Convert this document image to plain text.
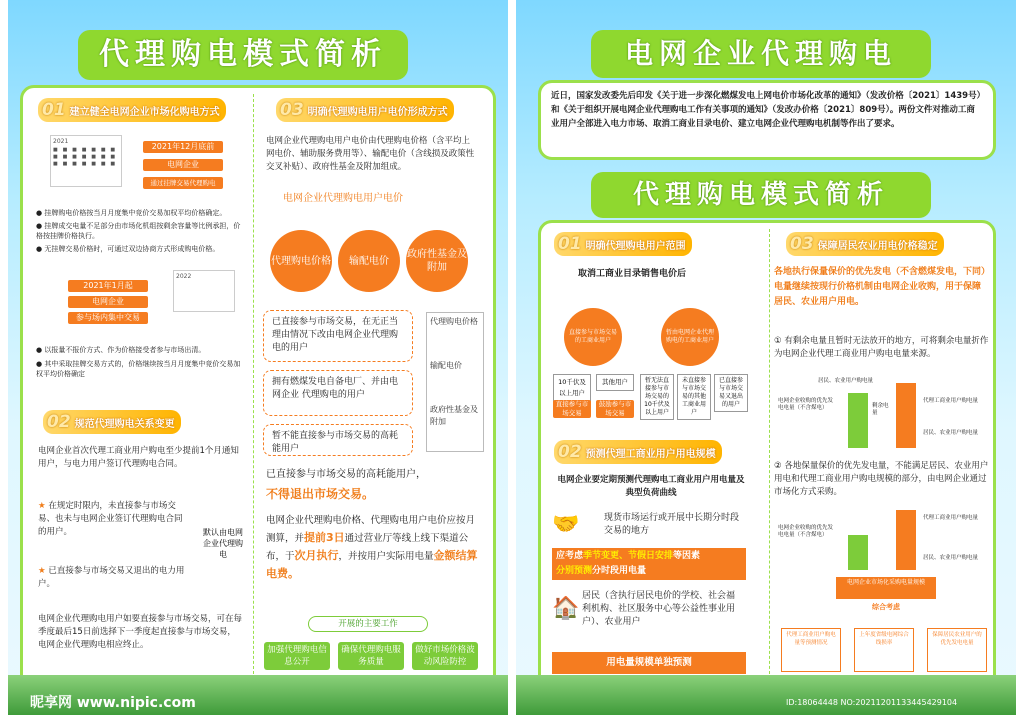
代理购电模式简析
01 建立健全电网企业市场化购电方式
2021
■ ■ ■ ■ ■ ■ ■
■ ■ ■ ■ ■ ■ ■
■ ■ ■ ■ ■ ■ ■
2021年12月底前
电网企业
通过挂牌交易代理购电
● 挂牌购电价格按当月月度集中竞价交易加权平均价格确定。
● 挂牌成交电量不足部分由市场化机组按剩余容量等比例承担，价格按挂牌价格执行。
● 无挂牌交易价格时，可通过双边协商方式形成购电价格。
2022
2021年1月起
电网企业
参与场内集中交易
● 以报量不报价方式、作为价格接受者参与市场出清。
● 其中采取挂牌交易方式的，价格继续按当月月度集中竞价交易加权平均价格确定
02 规范代理购电关系变更
电网企业首次代理工商业用户购电至少提前1个月通知用户，与电力用户签订代理购电合同。
★ 在规定时限内，未直接参与市场交易、也未与电网企业签订代理购电合同的用户。
★ 已直接参与市场交易又退出的电力用户。
默认由电网企业代理购电
电网企业代理购电用户如要直接参与市场交易，可在每季度最后15日前选择下一季度起直接参与市场交易，电网企业代理购电相应终止。
03 明确代理购电用户电价形成方式
电网企业代理购电用户电价由代理购电价格（含平均上网电价、辅助服务费用等）、输配电价（含线损及政策性交叉补贴）、政府性基金及附加组成。
电网企业代理购电用户电价
代理购电价格	输配电价
政府性基金及附加
已直接参与市场交易，在无正当理由情况下改由电网企业代理购电的用户
拥有燃煤发电自备电厂、并由电网企业 代理购电的用户
暂不能直接参与市场交易的高耗能用户
代理购电价格
输配电价
政府性基金及附加
已直接参与市场交易的高耗能用户，
不得退出市场交易。
电网企业代理购电价格、代理购电用户电价应按月测算，并提前3日通过营业厅等线上线下渠道公布，于次月执行，并按用户实际用电量金额结算电费。
开展的主要工作
加强代理购电信息公开
确保代理购电服务质量
做好市场价格波动风险防控
昵享网 www.nipic.com
电网企业代理购电
近日，国家发改委先后印发《关于进一步深化燃煤发电上网电价市场化改革的通知》（发改价格〔2021〕1439号）和《关于组织开展电网企业代理购电工作有关事项的通知》（发改办价格〔2021〕809号）。两份文件对推动工商业用户全部进入电力市场、取消工商业目录电价、建立电网企业代理购电机制等作出了要求。
代理购电模式简析
01 明确代理购电用户范围
取消工商业目录销售电价后
直接参与市场交易的工商业用户
暂由电网企业代理购电的工商业用户
10千伏及以上用户
其他用户
直接参与市场交易
鼓励参与市场交易
暂无法直接参与市场交易的10千伏及以上用户
未直接参与市场交易的其他工商业用户
已直接参与市场交易又退出的用户
02 预测代理工商业用户用电规模
电网企业要定期预测代理购电工商业用户用电量及典型负荷曲线
🤝	现货市场运行或开展中长期分时段交易的地方
应考虑季节变更、节假日安排等因素
分别预测分时段用电量
🏠 居民（含执行居民电价的学校、社会福利机构、社区服务中心等公益性事业用户）、农业用户
用电量规模单独预测
03 保障居民农业用电价格稳定
各地执行保量保价的优先发电（不含燃煤发电，下同）电量继续按现行价格机制由电网企业收购，用于保障居民、农业用户用电。
① 有剩余电量且暂时无法放开的地方，可将剩余电量折作为电网企业代理工商业用户购电电量来源。
电网企业收购的优先发电电量（不含煤电）
居民、农业用户购电量
剩余电量
代理工商业用户购电量
居民、农业用户购电量
② 各地保量保价的优先发电量，不能满足居民、农业用户用电和代理工商业用户购电规模的部分，由电网企业通过市场化方式采购。
电网企业收购的优先发电电量（不含煤电）
代理工商业用户购电量
居民、农业用户购电量
电网企业市场化采购电量规模
综合考虑
代理工商业用户购电量等预测情况
上年度省级电网综合线损率
保障居民农业用户的优先发电电量
ID:18064448 NO:20211201133445429104
